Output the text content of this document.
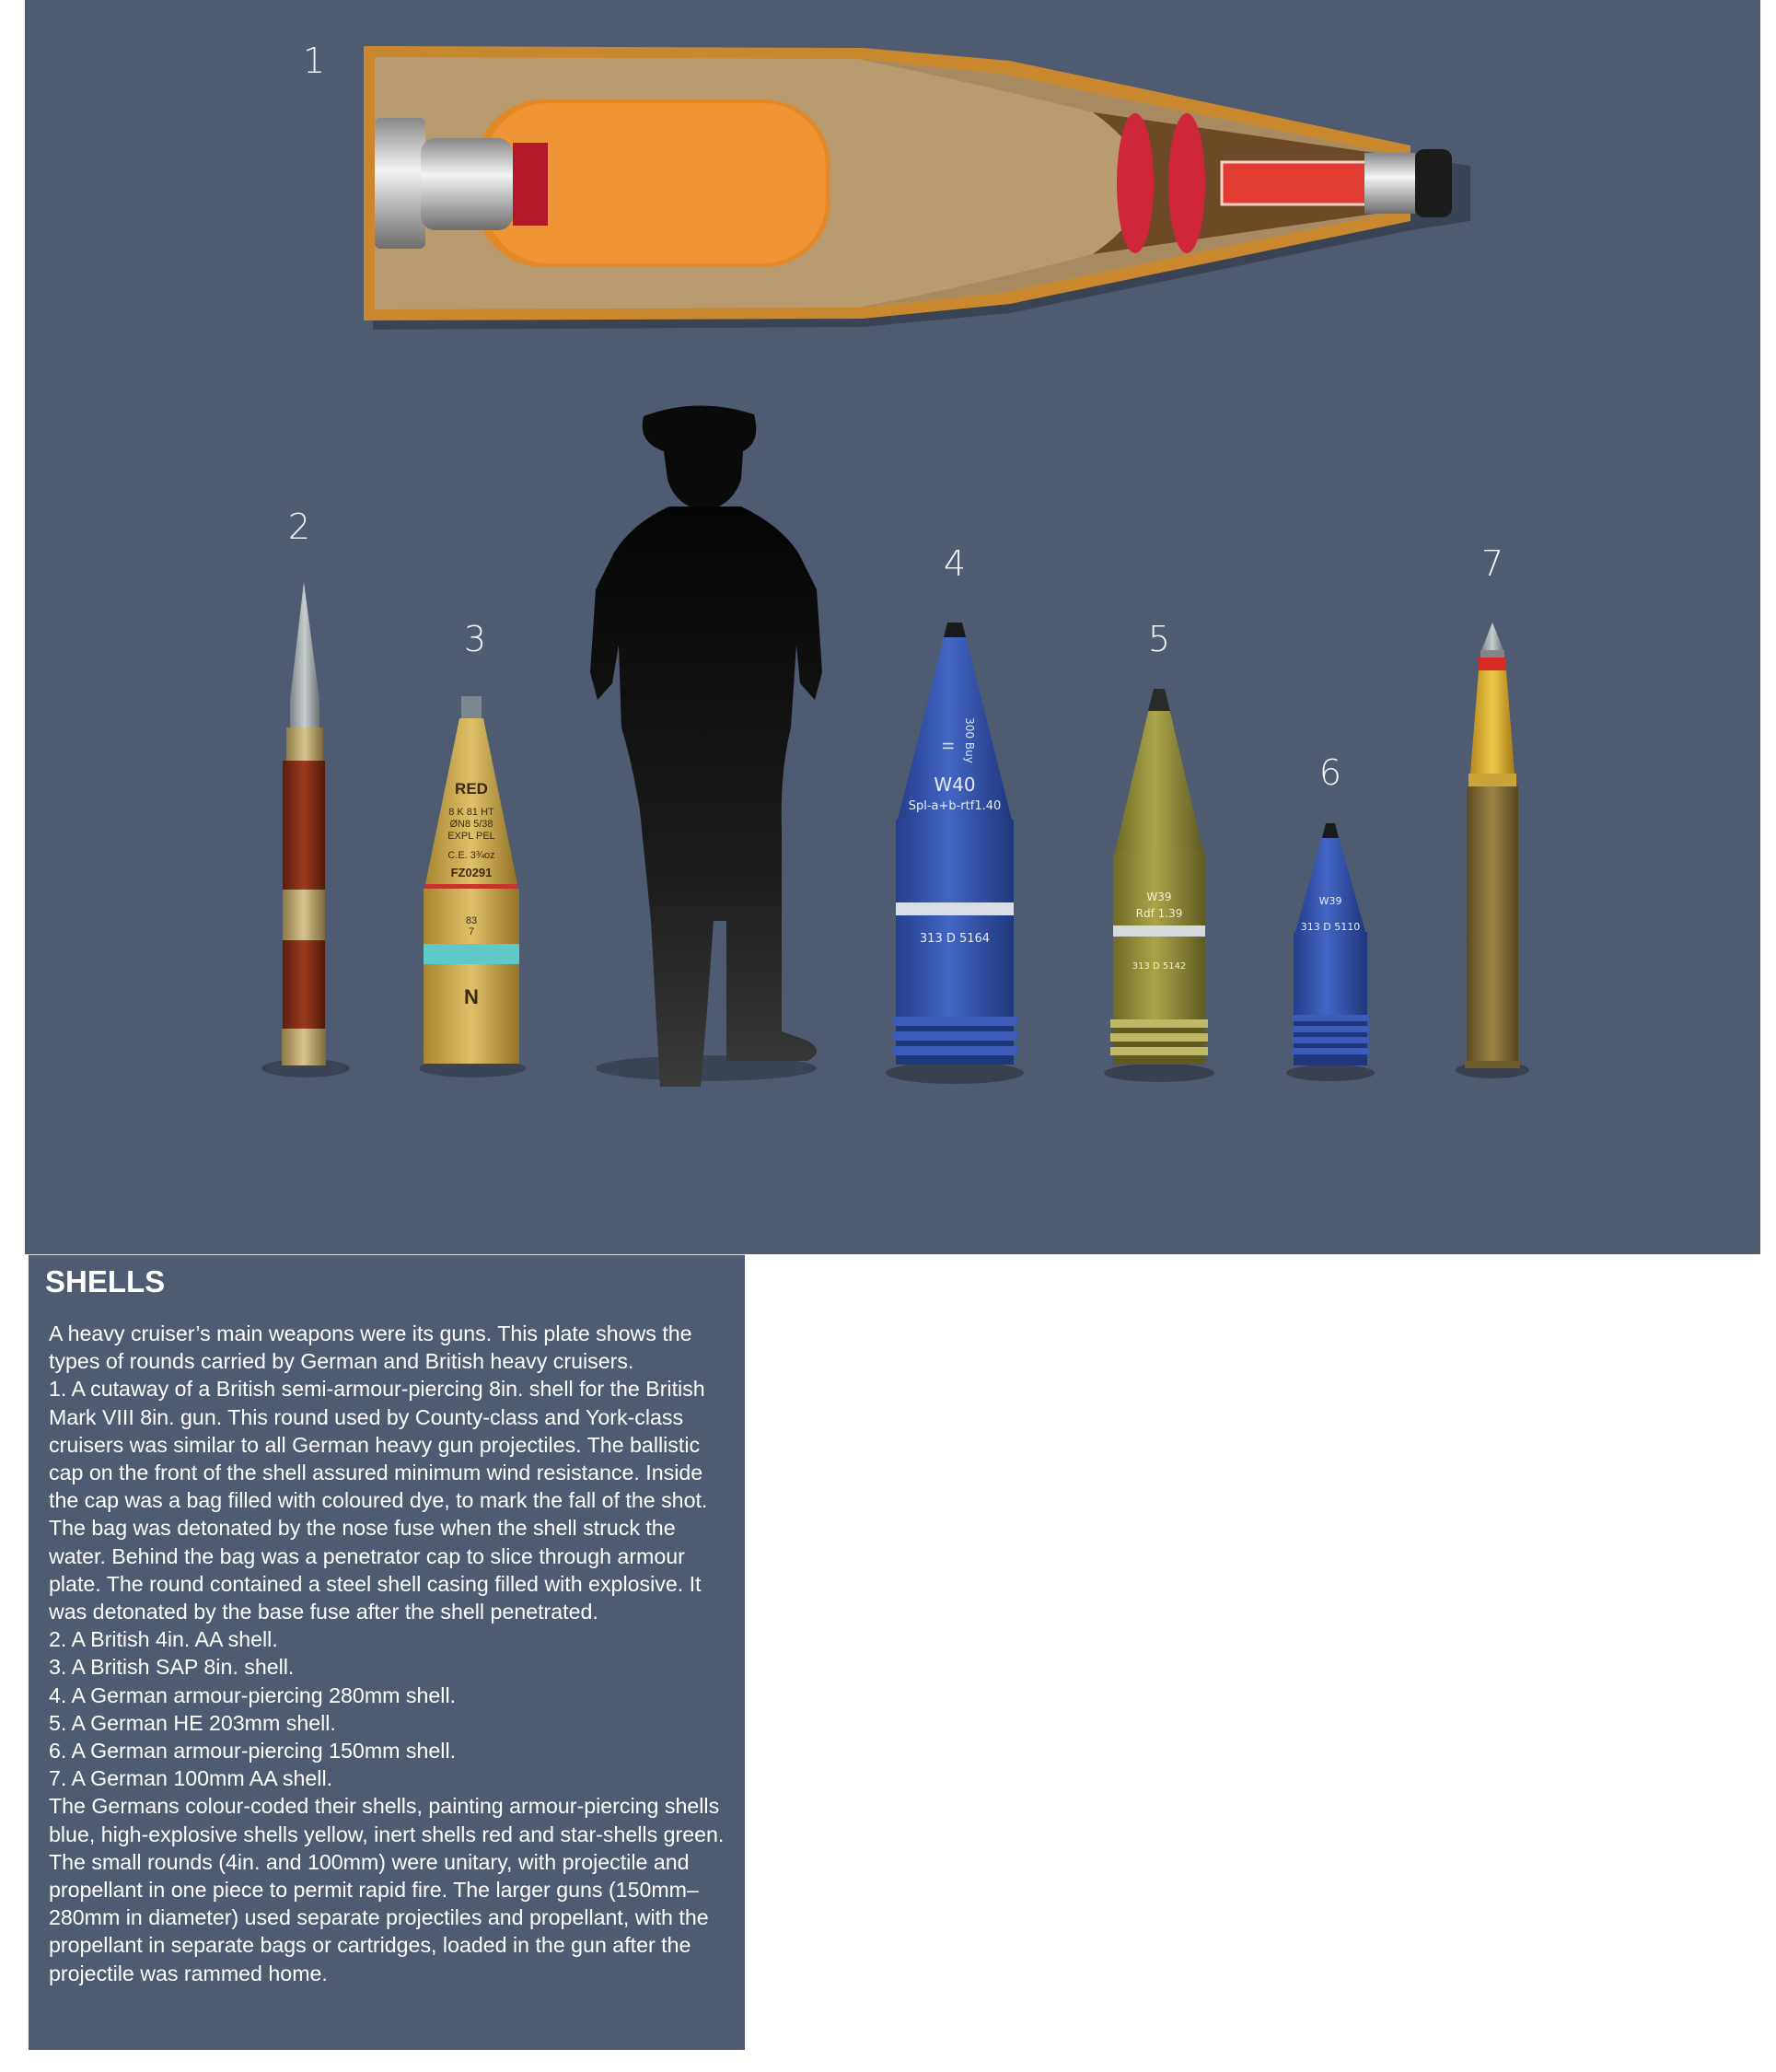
RED
8 K 81 HT
ØN8 5/38
EXPL PEL
C.E. 3¾oz
FZ0291
83
7
N
II 300 Buy
W40
Spl-a+b-rtf1.40
313 D 5164
W39
Rdf 1.39
313 D 5142
W39
313 D 5110
1
2
3
4
5
6
7
SHELLS
A heavy cruiser’s main weapons were its guns. This plate shows the types of rounds carried by German and British heavy cruisers.
1. A cutaway of a British semi-armour-piercing 8in. shell for the British Mark VIII 8in. gun. This round used by County-class and York-class cruisers was similar to all German heavy gun projectiles. The ballistic cap on the front of the shell assured minimum wind resistance. Inside the cap was a bag filled with coloured dye, to mark the fall of the shot. The bag was detonated by the nose fuse when the shell struck the water. Behind the bag was a penetrator cap to slice through armour plate. The round contained a steel shell casing filled with explosive. It was detonated by the base fuse after the shell penetrated.
2. A British 4in. AA shell.
3. A British SAP 8in. shell.
4. A German armour-piercing 280mm shell.
5. A German HE 203mm shell.
6. A German armour-piercing 150mm shell.
7. A German 100mm AA shell.
The Germans colour-coded their shells, painting armour-piercing shells blue, high-explosive shells yellow, inert shells red and star-shells green. The small rounds (4in. and 100mm) were unitary, with projectile and propellant in one piece to permit rapid fire. The larger guns (150mm–280mm in diameter) used separate projectiles and propellant, with the propellant in separate bags or cartridges, loaded in the gun after the projectile was rammed home.
